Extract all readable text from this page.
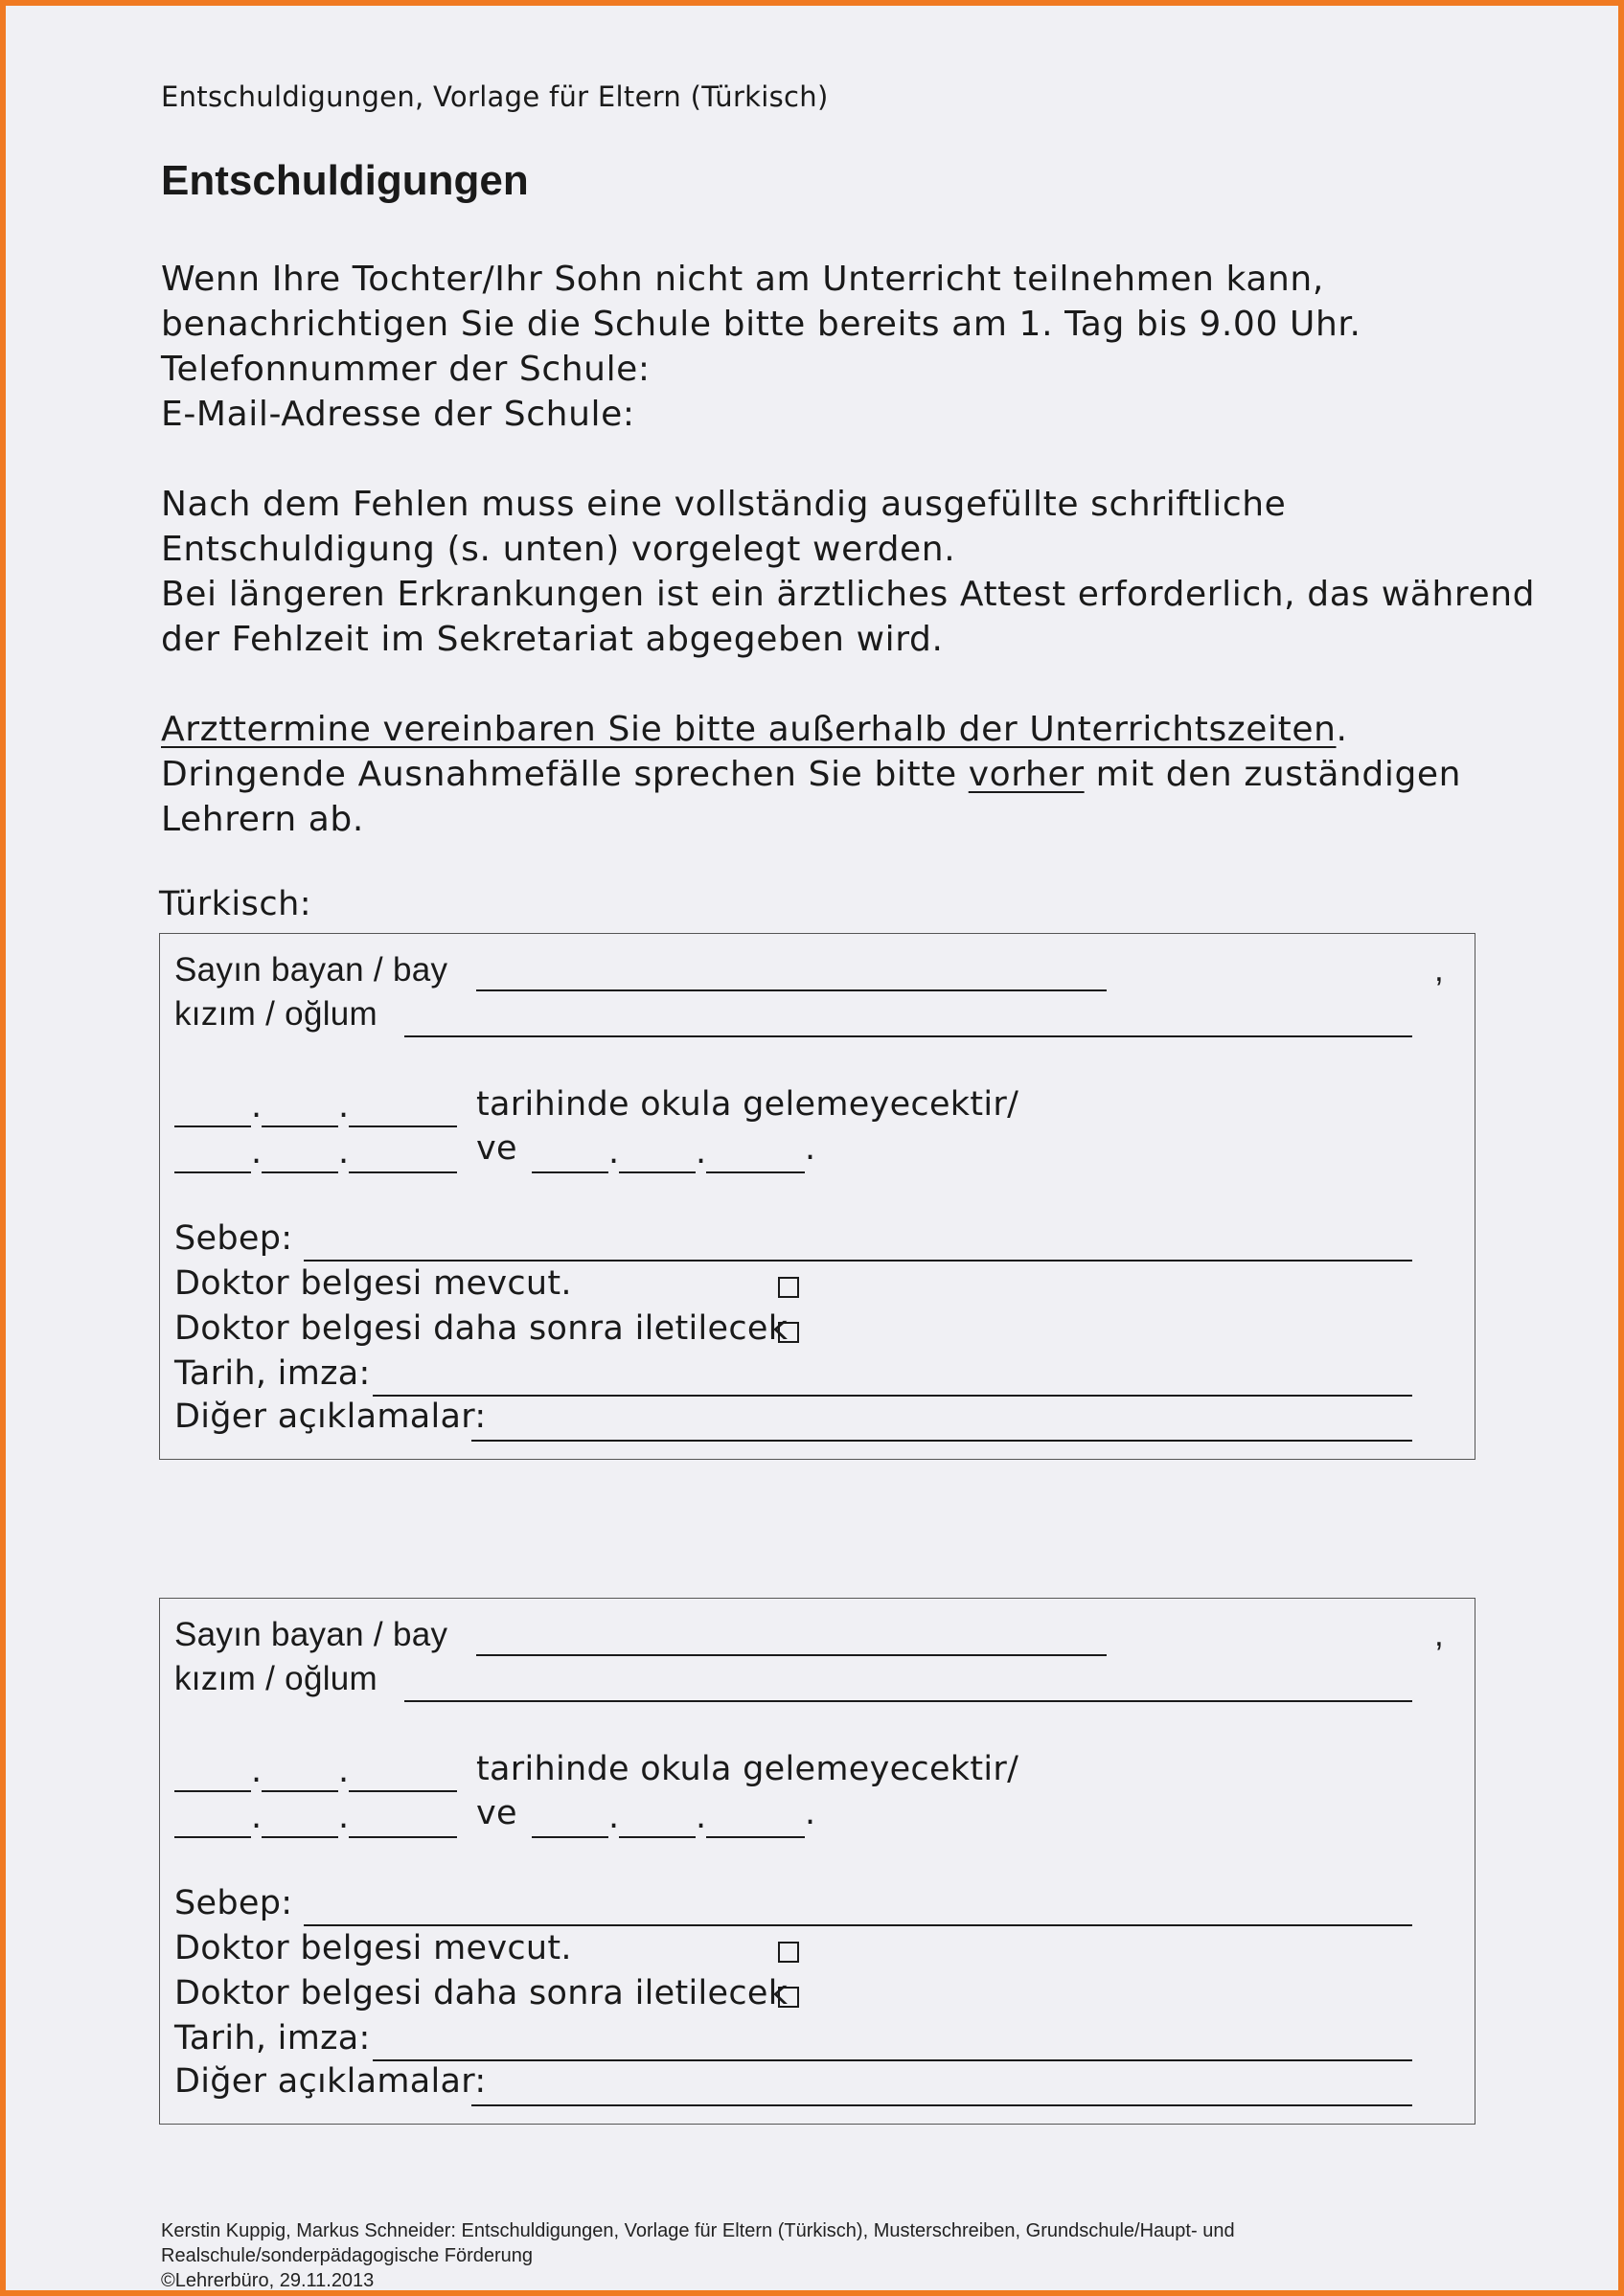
Entschuldigungen, Vorlage für Eltern (Türkisch)
Entschuldigungen
Wenn Ihre Tochter/Ihr Sohn nicht am Unterricht teilnehmen kann,
benachrichtigen Sie die Schule bitte bereits am 1. Tag bis 9.00 Uhr.
Telefonnummer der Schule:
E-Mail-Adresse der Schule:
Nach dem Fehlen muss eine vollständig ausgefüllte schriftliche
Entschuldigung (s. unten) vorgelegt werden.
Bei längeren Erkrankungen ist ein ärztliches Attest erforderlich, das während
der Fehlzeit im Sekretariat abgegeben wird.
Arzttermine vereinbaren Sie bitte außerhalb der Unterrichtszeiten.
Dringende Ausnahmefälle sprechen Sie bitte vorher mit den zuständigen
Lehrern ab.
Türkisch:
Sayın bayan / bay	,
kızım / oğlum
. .	tarihinde okula gelemeyecektir/
. .	ve	. .	.
Sebep:
Doktor belgesi mevcut.
Doktor belgesi daha sonra iletilecek
Tarih, imza:
Diğer açıklamalar:
Sayın bayan / bay	,
kızım / oğlum
. .	tarihinde okula gelemeyecektir/
. .	ve	. .	.
Sebep:
Doktor belgesi mevcut.
Doktor belgesi daha sonra iletilecek
Tarih, imza:
Diğer açıklamalar:
Kerstin Kuppig, Markus Schneider: Entschuldigungen, Vorlage für Eltern (Türkisch), Musterschreiben, Grundschule/Haupt- und
Realschule/sonderpädagogische Förderung
©Lehrerbüro, 29.11.2013
